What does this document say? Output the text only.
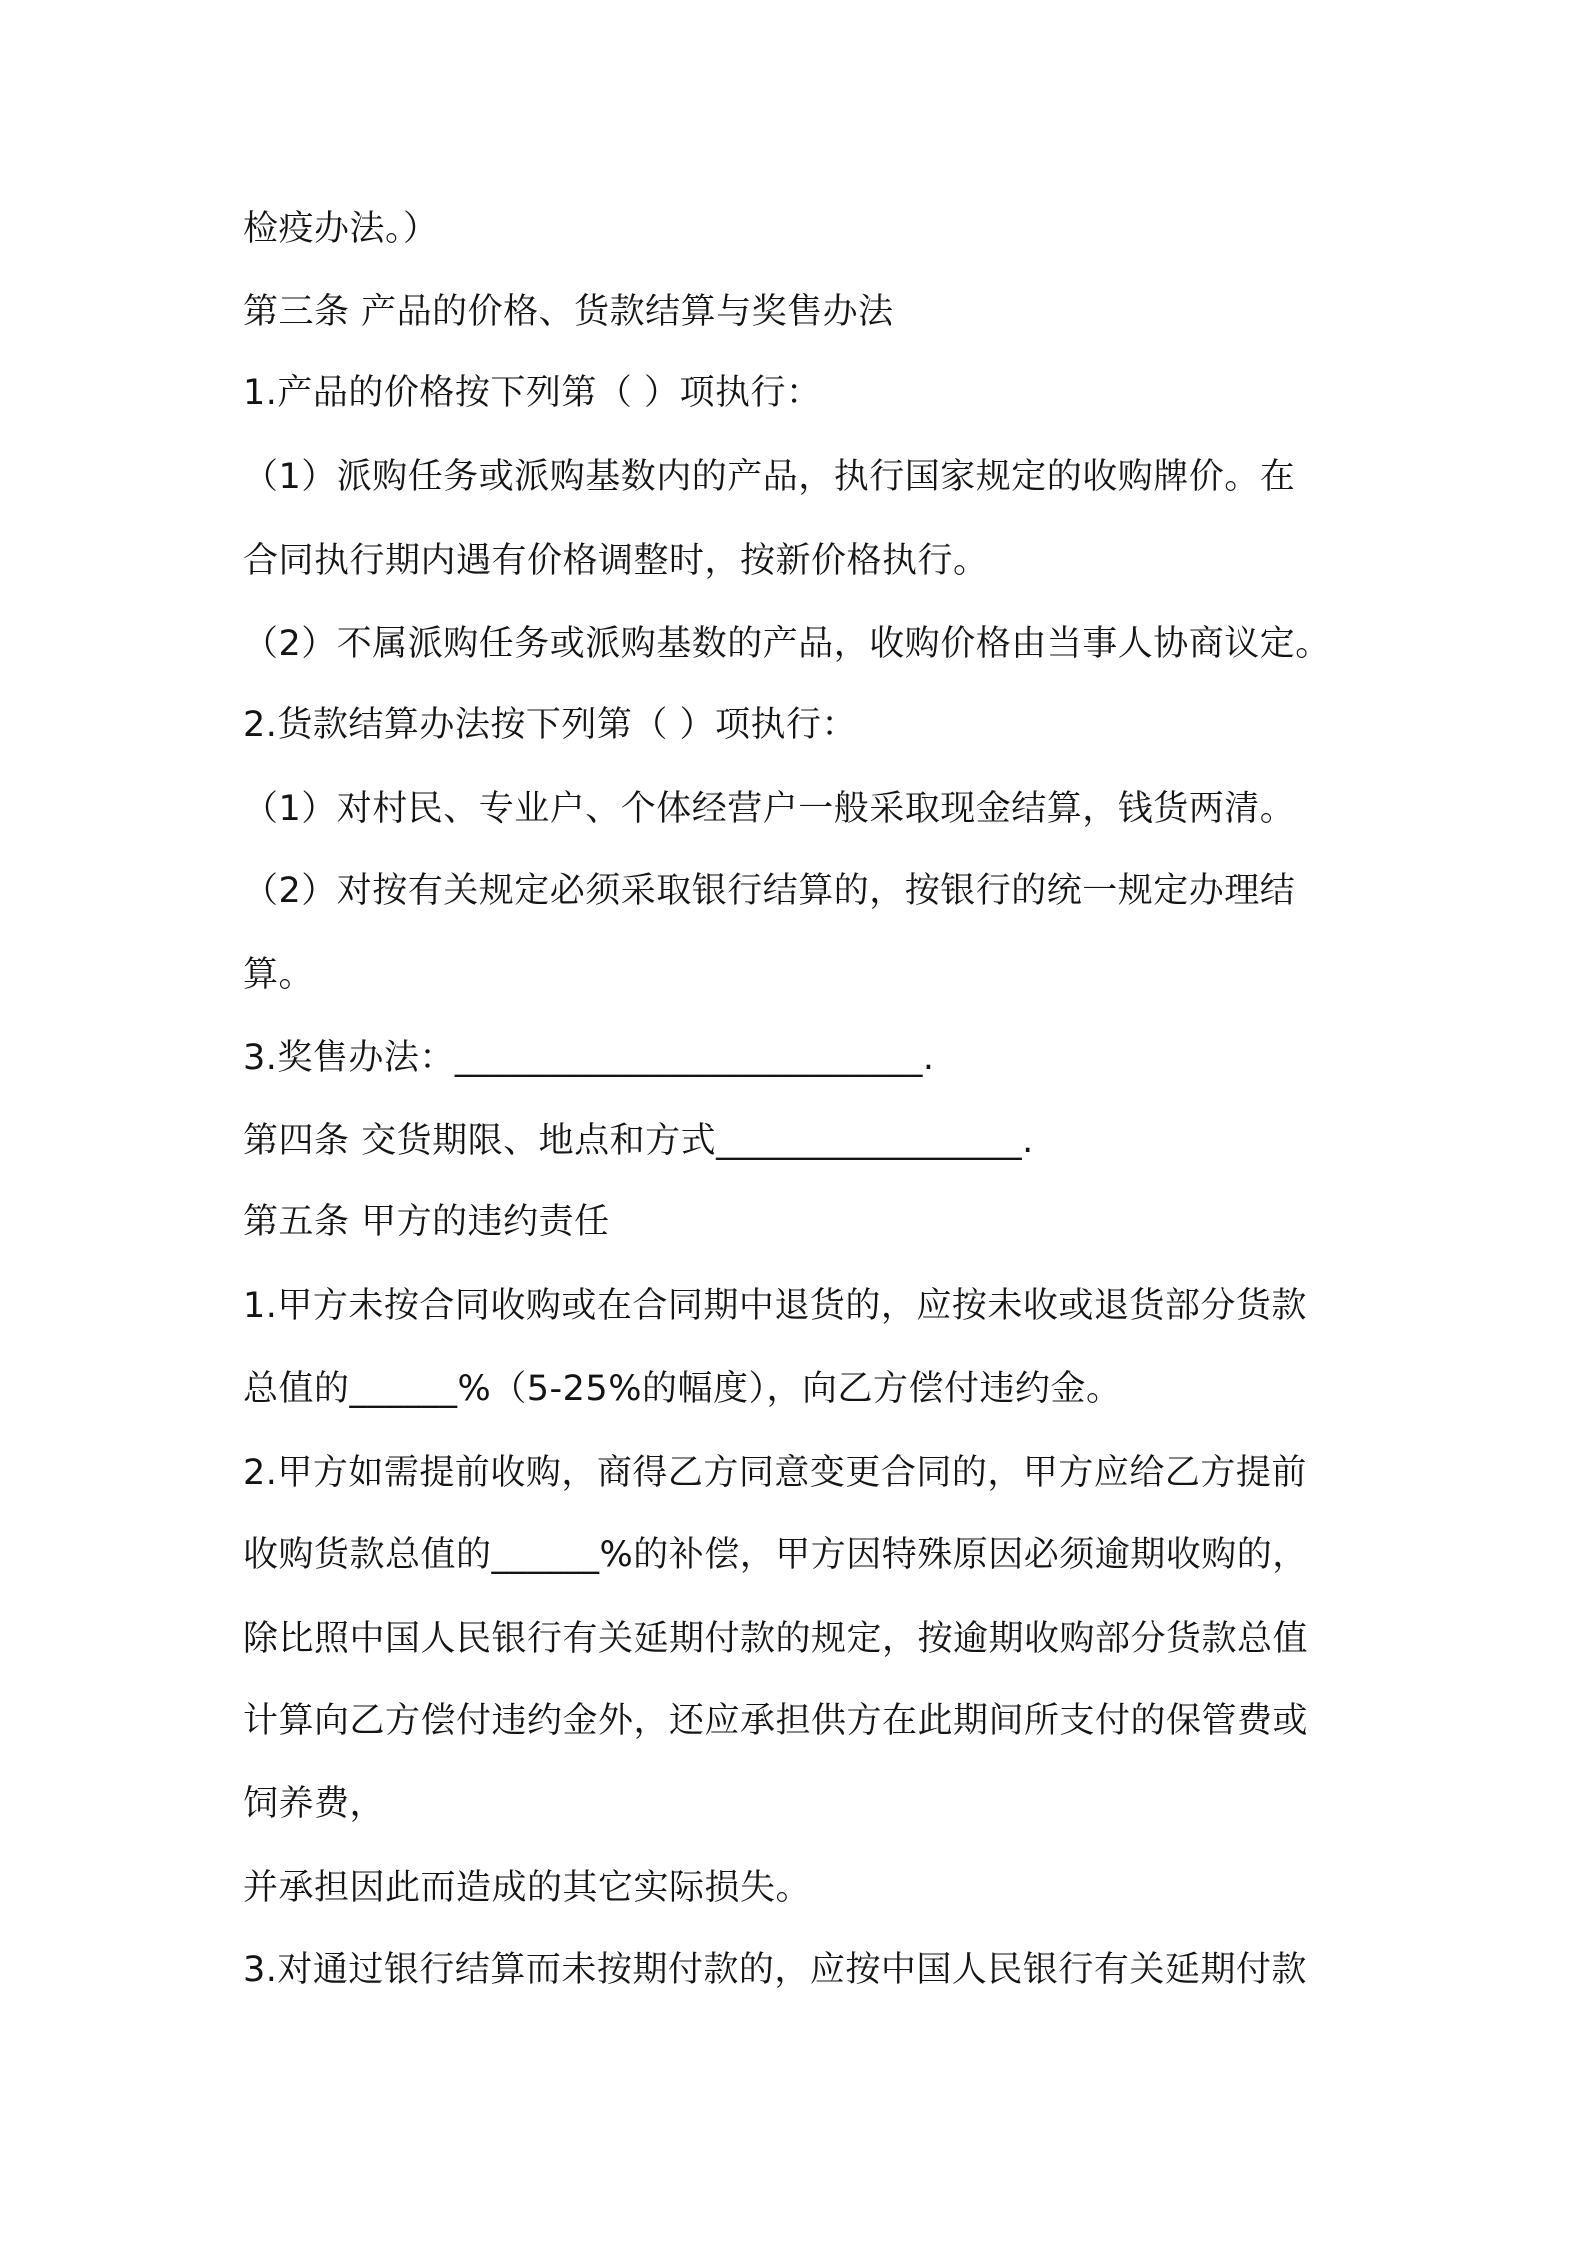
检疫办法。）
第三条 产品的价格、货款结算与奖售办法
1.产品的价格按下列第（ ）项执行：
（1）派购任务或派购基数内的产品，执行国家规定的收购牌价。在
合同执行期内遇有价格调整时，按新价格执行。
（2）不属派购任务或派购基数的产品，收购价格由当事人协商议定。
2.货款结算办法按下列第（ ）项执行：
（1）对村民、专业户、个体经营户一般采取现金结算，钱货两清。
（2）对按有关规定必须采取银行结算的，按银行的统一规定办理结
算。
3.奖售办法：__________________________.
第四条 交货期限、地点和方式_________________.
第五条 甲方的违约责任
1.甲方未按合同收购或在合同期中退货的，应按未收或退货部分货款
总值的______%（5-25%的幅度），向乙方偿付违约金。
2.甲方如需提前收购，商得乙方同意变更合同的，甲方应给乙方提前
收购货款总值的______%的补偿，甲方因特殊原因必须逾期收购的，
除比照中国人民银行有关延期付款的规定，按逾期收购部分货款总值
计算向乙方偿付违约金外，还应承担供方在此期间所支付的保管费或
饲养费，
并承担因此而造成的其它实际损失。
3.对通过银行结算而未按期付款的，应按中国人民银行有关延期付款
